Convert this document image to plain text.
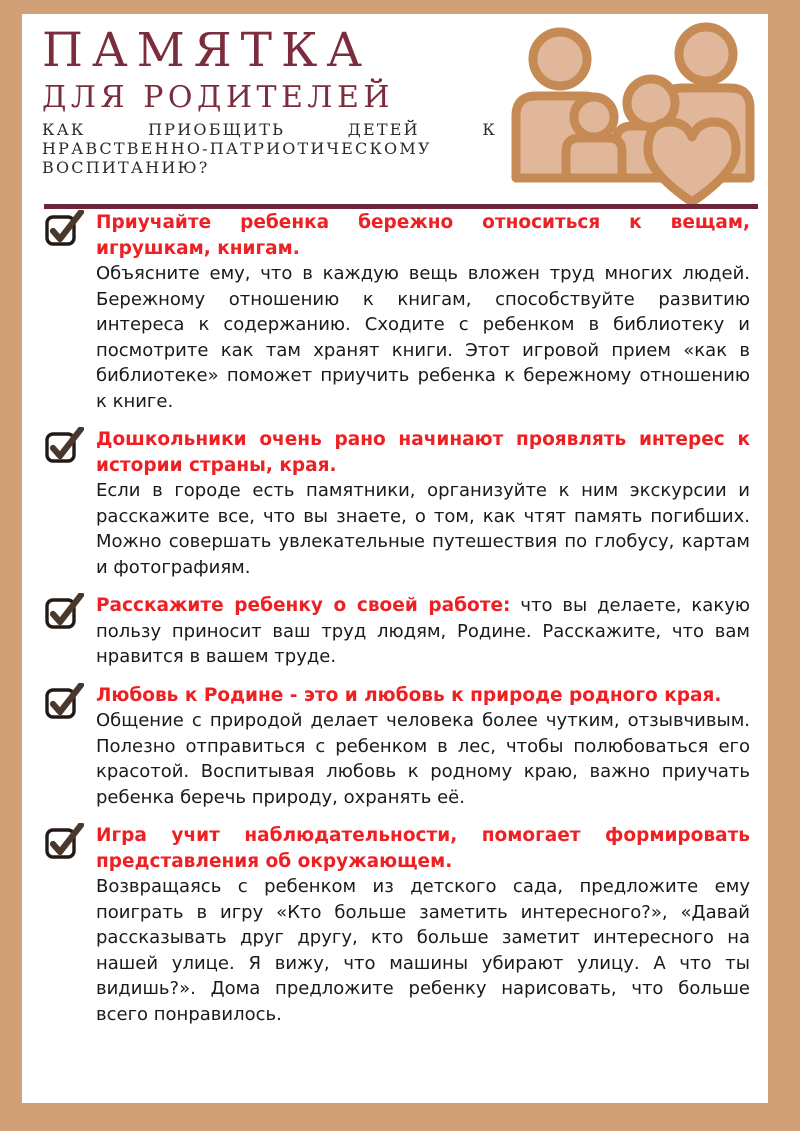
ПАМЯТКА
ДЛЯ РОДИТЕЛЕЙ
КАК ПРИОБЩИТЬ ДЕТЕЙ К
НРАВСТВЕННО-ПАТРИОТИЧЕСКОМУ
ВОСПИТАНИЮ?

Приучайте ребенка бережно относиться к вещам, игрушкам, книгам.

Объясните ему, что в каждую вещь вложен труд многих людей. Бережному отношению к книгам, способствуйте развитию интереса к содержанию. Сходите с ребенком в библиотеку и посмотрите как там хранят книги. Этот игровой прием «как в библиотеке» поможет приучить ребенка к бережному отношению к книге.

Дошкольники очень рано начинают проявлять интерес к истории страны, края.

Если в городе есть памятники, организуйте к ним экскурсии и расскажите все, что вы знаете, о том, как чтят память погибших. Можно совершать увлекательные путешествия по глобусу, картам и фотографиям.

Расскажите ребенку о своей работе: что вы делаете, какую пользу приносит ваш труд людям, Родине. Расскажите, что вам нравится в вашем труде.

Любовь к Родине - это и любовь к природе родного края.

Общение с природой делает человека более чутким, отзывчивым. Полезно отправиться с ребенком в лес, чтобы полюбоваться его красотой. Воспитывая любовь к родному краю, важно приучать ребенка беречь природу, охранять её.

Игра учит наблюдательности, помогает формировать представления об окружающем.

Возвращаясь с ребенком из детского сада, предложите ему поиграть в игру «Кто больше заметить интересного?», «Давай рассказывать друг другу, кто больше заметит интересного на нашей улице. Я вижу, что машины убирают улицу. А что ты видишь?». Дома предложите ребенку нарисовать, что больше всего понравилось.
